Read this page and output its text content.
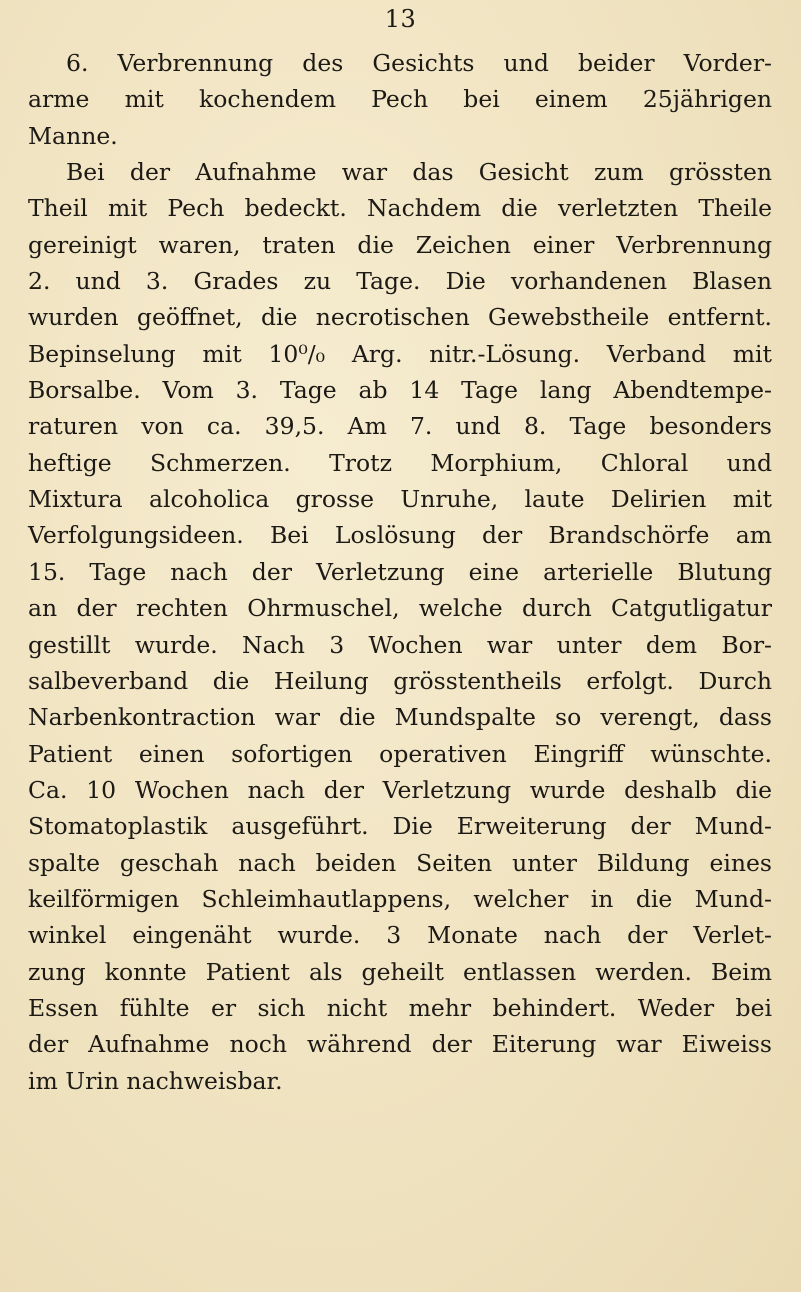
13

6. Verbrennung des Gesichts und beider Vorder-
arme mit kochendem Pech bei einem 25jährigen
Manne.

Bei der Aufnahme war das Gesicht zum grössten
Theil mit Pech bedeckt. Nachdem die verletzten Theile
gereinigt waren, traten die Zeichen einer Verbrennung
2. und 3. Grades zu Tage. Die vorhandenen Blasen
wurden geöffnet, die necrotischen Gewebstheile entfernt.
Bepinselung mit 10⁰/₀ Arg. nitr.-Lösung. Verband mit
Borsalbe. Vom 3. Tage ab 14 Tage lang Abendtempe-
raturen von ca. 39,5. Am 7. und 8. Tage besonders
heftige Schmerzen. Trotz Morphium, Chloral und
Mixtura alcoholica grosse Unruhe, laute Delirien mit
Verfolgungsideen. Bei Loslösung der Brandschörfe am
15. Tage nach der Verletzung eine arterielle Blutung
an der rechten Ohrmuschel, welche durch Catgutligatur
gestillt wurde. Nach 3 Wochen war unter dem Bor-
salbeverband die Heilung grösstentheils erfolgt. Durch
Narbenkontraction war die Mundspalte so verengt, dass
Patient einen sofortigen operativen Eingriff wünschte.
Ca. 10 Wochen nach der Verletzung wurde deshalb die
Stomatoplastik ausgeführt. Die Erweiterung der Mund-
spalte geschah nach beiden Seiten unter Bildung eines
keilförmigen Schleimhautlappens, welcher in die Mund-
winkel eingenäht wurde. 3 Monate nach der Verlet-
zung konnte Patient als geheilt entlassen werden. Beim
Essen fühlte er sich nicht mehr behindert. Weder bei
der Aufnahme noch während der Eiterung war Eiweiss
im Urin nachweisbar.
